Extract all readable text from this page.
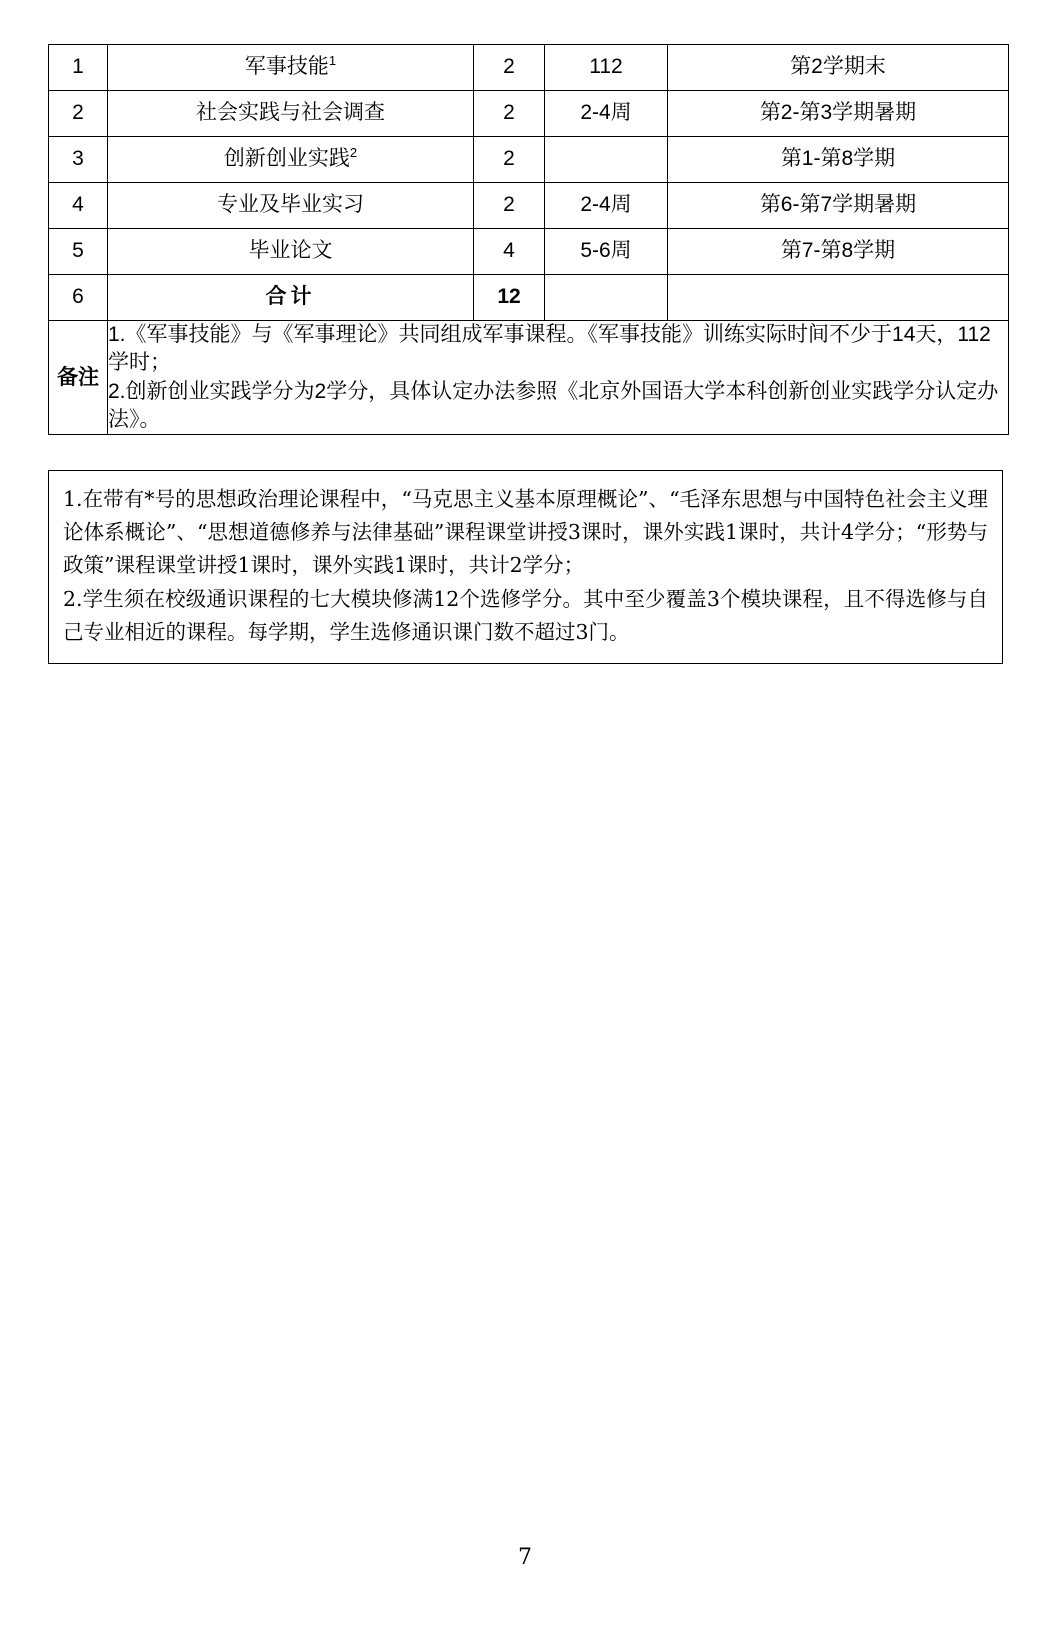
1	军事技能$^1$	2	112	第2学期末
2	社会实践与社会调查	2	2-4周	第2-第3学期暑期
3	创新创业实践$^2$	2		第1-第8学期
4	专业及毕业实习	2	2-4周	第6-第7学期暑期
5	毕业论文	4	5-6周	第7-第8学期
6	合计	12		
备注	1.《军事技能》与《军事理论》共同组成军事课程。《军事技能》训练实际时间不少于14天，112学时；

2.创新创业实践学分为2学分，具体认定办法参照《北京外国语大学本科创新创业实践学分认定办法》。			

1.在带有*号的思想政治理论课程中，“马克思主义基本原理概论”、“毛泽东思想与中国特色社会主义理论体系概论”、“思想道德修养与法律基础”课程课堂讲授3课时，课外实践1课时，共计4学分；“形势与政策”课程课堂讲授1课时，课外实践1课时，共计2学分；

2.学生须在校级通识课程的七大模块修满12个选修学分。其中至少覆盖3个模块课程，且不得选修与自己专业相近的课程。每学期，学生选修通识课门数不超过3门。

7
